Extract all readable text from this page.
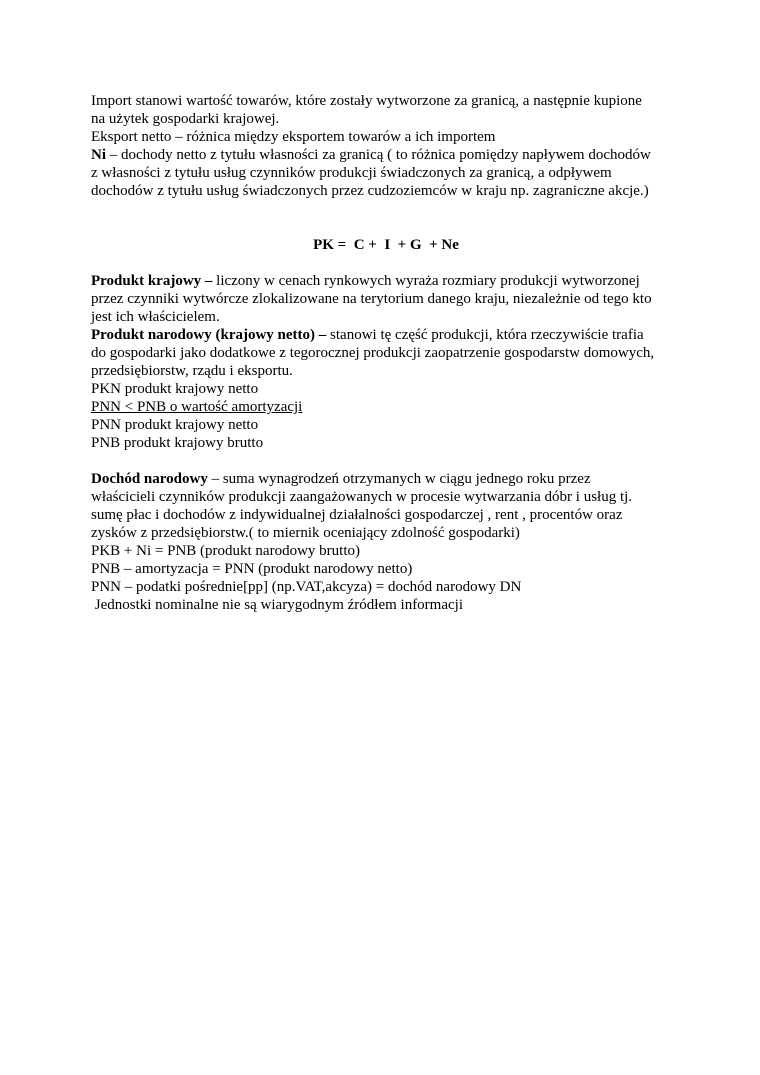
Import stanowi wartość towarów, które zostały wytworzone za granicą, a następnie kupione
na użytek gospodarki krajowej.
Eksport netto – różnica między eksportem towarów a ich importem
Ni – dochody netto z tytułu własności za granicą ( to różnica pomiędzy napływem dochodów
z własności z tytułu usług czynników produkcji świadczonych za granicą, a odpływem
dochodów z tytułu usług świadczonych przez cudzoziemców w kraju np. zagraniczne akcje.)
PK =  C +  I  + G  + Ne
Produkt krajowy – liczony w cenach rynkowych wyraża rozmiary produkcji wytworzonej
przez czynniki wytwórcze zlokalizowane na terytorium danego kraju, niezależnie od tego kto
jest ich właścicielem.
Produkt narodowy (krajowy netto) – stanowi tę część produkcji, która rzeczywiście trafia
do gospodarki jako dodatkowe z tegorocznej produkcji zaopatrzenie gospodarstw domowych,
przedsiębiorstw, rządu i eksportu.
PKN produkt krajowy netto
PNN < PNB o wartość amortyzacji
PNN produkt krajowy netto
PNB produkt krajowy brutto
Dochód narodowy – suma wynagrodzeń otrzymanych w ciągu jednego roku przez
właścicieli czynników produkcji zaangażowanych w procesie wytwarzania dóbr i usług tj.
sumę płac i dochodów z indywidualnej działalności gospodarczej , rent , procentów oraz
zysków z przedsiębiorstw.( to miernik oceniający zdolność gospodarki)
PKB + Ni = PNB (produkt narodowy brutto)
PNB – amortyzacja = PNN (produkt narodowy netto)
PNN – podatki pośrednie[pp] (np.VAT,akcyza) = dochód narodowy DN
Jednostki nominalne nie są wiarygodnym źródłem informacji
